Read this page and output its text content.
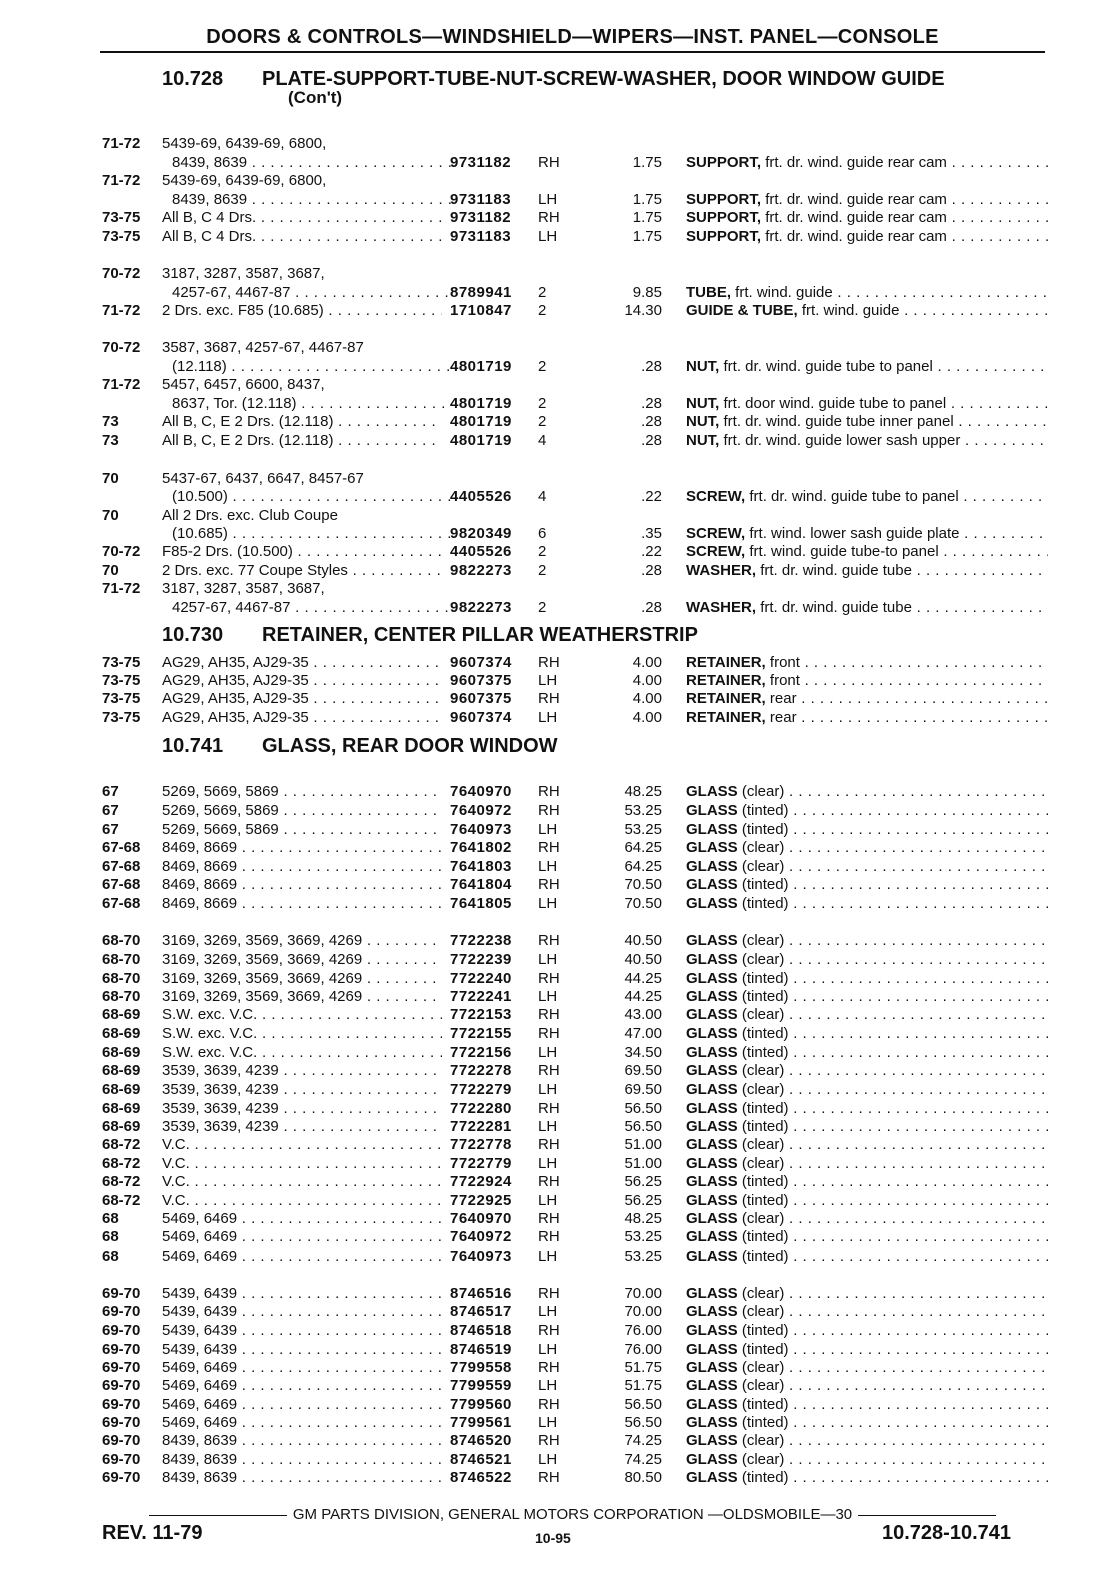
DOORS & CONTROLS—WINDSHIELD—WIPERS—INST. PANEL—CONSOLE
10.728 PLATE-SUPPORT-TUBE-NUT-SCREW-WASHER, DOOR WINDOW GUIDE
(Con't)
10.730 RETAINER, CENTER PILLAR WEATHERSTRIP
10.741 GLASS, REAR DOOR WINDOW
71-72 5439-69, 6439-69, 6800,
8439, 8639 . . .	9731182 RH	1.75 SUPPORT, frt. dr. wind. guide rear cam . . .
71-72 5439-69, 6439-69, 6800,
8439, 8639 . . .	9731183 LH	1.75 SUPPORT, frt. dr. wind. guide rear cam . . .
73-75 All B, C 4 Drs. . . .	9731182 RH	1.75 SUPPORT, frt. dr. wind. guide rear cam . . .
73-75 All B, C 4 Drs. . . .	9731183 LH	1.75 SUPPORT, frt. dr. wind. guide rear cam . . .
70-72 3187, 3287, 3587, 3687,
4257-67, 4467-87 . . .	8789941 2	9.85 TUBE, frt. wind. guide . . .
71-72 2 Drs. exc. F85 (10.685) . . .	1710847 2	14.30 GUIDE & TUBE, frt. wind. guide . . .
70-72 3587, 3687, 4257-67, 4467-87
(12.118) . . .	4801719 2	.28 NUT, frt. dr. wind. guide tube to panel . . .
71-72 5457, 6457, 6600, 8437,
8637, Tor. (12.118) . . .	4801719 2	.28 NUT, frt. door wind. guide tube to panel . . .
73	All B, C, E 2 Drs. (12.118) . . .	4801719 2	.28 NUT, frt. dr. wind. guide tube inner panel . . .
73	All B, C, E 2 Drs. (12.118) . . .	4801719 4	.28 NUT, frt. dr. wind. guide lower sash upper . . .
70	5437-67, 6437, 6647, 8457-67
(10.500) . . .	4405526 4	.22 SCREW, frt. dr. wind. guide tube to panel . . .
70	All 2 Drs. exc. Club Coupe
(10.685) . . .	9820349 6	.35 SCREW, frt. wind. lower sash guide plate . . .
70-72 F85-2 Drs. (10.500) . . .	4405526 2	.22 SCREW, frt. wind. guide tube-to panel . . .
70	2 Drs. exc. 77 Coupe Styles . . .	9822273 2	.28 WASHER, frt. dr. wind. guide tube . . .
71-72 3187, 3287, 3587, 3687,
4257-67, 4467-87 . . .	9822273 2	.28 WASHER, frt. dr. wind. guide tube . . .
73-75 AG29, AH35, AJ29-35 . . .	9607374 RH	4.00 RETAINER, front . . .
73-75 AG29, AH35, AJ29-35 . . .	9607375 LH	4.00 RETAINER, front . . .
73-75 AG29, AH35, AJ29-35 . . .	9607375 RH	4.00 RETAINER, rear . . .
73-75 AG29, AH35, AJ29-35 . . .	9607374 LH	4.00 RETAINER, rear . . .
67	5269, 5669, 5869 . . .	7640970 RH	48.25 GLASS (clear) . . .
67	5269, 5669, 5869 . . .	7640972 RH	53.25 GLASS (tinted) . . .
67	5269, 5669, 5869 . . .	7640973 LH	53.25 GLASS (tinted) . . .
67-68 8469, 8669 . . .	7641802 RH	64.25 GLASS (clear) . . .
67-68 8469, 8669 . . .	7641803 LH	64.25 GLASS (clear) . . .
67-68 8469, 8669 . . .	7641804 RH	70.50 GLASS (tinted) . . .
67-68 8469, 8669 . . .	7641805 LH	70.50 GLASS (tinted) . . .
68-70 3169, 3269, 3569, 3669, 4269 . . .	7722238 RH	40.50 GLASS (clear) . . .
68-70 3169, 3269, 3569, 3669, 4269 . . .	7722239 LH	40.50 GLASS (clear) . . .
68-70 3169, 3269, 3569, 3669, 4269 . . .	7722240 RH	44.25 GLASS (tinted) . . .
68-70 3169, 3269, 3569, 3669, 4269 . . .	7722241 LH	44.25 GLASS (tinted) . . .
68-69 S.W. exc. V.C. . . .	7722153 RH	43.00 GLASS (clear) . . .
68-69 S.W. exc. V.C. . . .	7722155 RH	47.00 GLASS (tinted) . . .
68-69 S.W. exc. V.C. . . .	7722156 LH	34.50 GLASS (tinted) . . .
68-69 3539, 3639, 4239 . . .	7722278 RH	69.50 GLASS (clear) . . .
68-69 3539, 3639, 4239 . . .	7722279 LH	69.50 GLASS (clear) . . .
68-69 3539, 3639, 4239 . . .	7722280 RH	56.50 GLASS (tinted) . . .
68-69 3539, 3639, 4239 . . .	7722281 LH	56.50 GLASS (tinted) . . .
68-72 V.C. . . .	7722778 RH	51.00 GLASS (clear) . . .
68-72 V.C. . . .	7722779 LH	51.00 GLASS (clear) . . .
68-72 V.C. . . .	7722924 RH	56.25 GLASS (tinted) . . .
68-72 V.C. . . .	7722925 LH	56.25 GLASS (tinted) . . .
68	5469, 6469 . . .	7640970 RH	48.25 GLASS (clear) . . .
68	5469, 6469 . . .	7640972 RH	53.25 GLASS (tinted) . . .
68	5469, 6469 . . .	7640973 LH	53.25 GLASS (tinted) . . .
69-70 5439, 6439 . . .	8746516 RH	70.00 GLASS (clear) . . .
69-70 5439, 6439 . . .	8746517 LH	70.00 GLASS (clear) . . .
69-70 5439, 6439 . . .	8746518 RH	76.00 GLASS (tinted) . . .
69-70 5439, 6439 . . .	8746519 LH	76.00 GLASS (tinted) . . .
69-70 5469, 6469 . . .	7799558 RH	51.75 GLASS (clear) . . .
69-70 5469, 6469 . . .	7799559 LH	51.75 GLASS (clear) . . .
69-70 5469, 6469 . . .	7799560 RH	56.50 GLASS (tinted) . . .
69-70 5469, 6469 . . .	7799561 LH	56.50 GLASS (tinted) . . .
69-70 8439, 8639 . . .	8746520 RH	74.25 GLASS (clear) . . .
69-70 8439, 8639 . . .	8746521 LH	74.25 GLASS (clear) . . .
69-70 8439, 8639 . . .	8746522 RH	80.50 GLASS (tinted) . . .
GM PARTS DIVISION, GENERAL MOTORS CORPORATION —OLDSMOBILE—30
REV. 11-79	10-95	10.728-10.741
